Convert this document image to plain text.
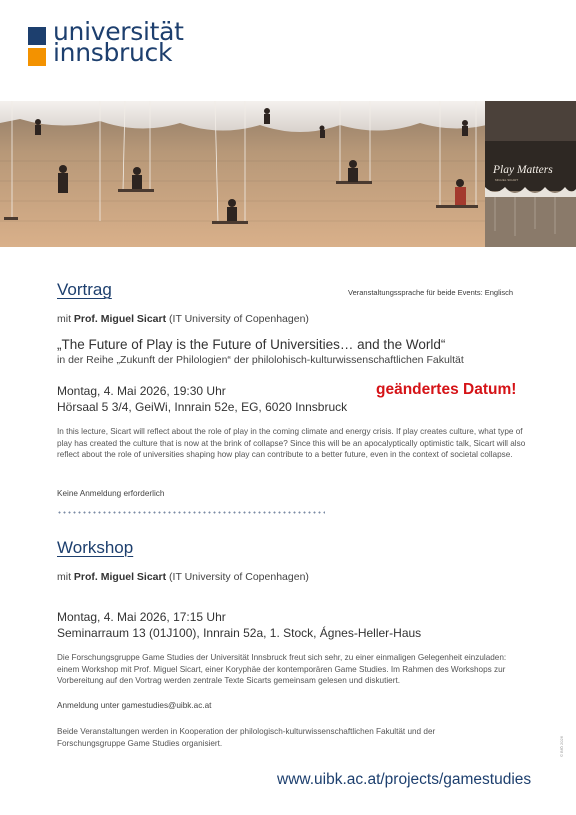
universität
innsbruck
Play Matters
MIGUEL SICART
Vortrag	Veranstaltungssprache für beide Events: Englisch
mit Prof. Miguel Sicart (IT University of Copenhagen)
„The Future of Play is the Future of Universities… and the World“
in der Reihe „Zukunft der Philologien“ der philolohisch-kulturwissenschaftlichen Fakultät
Montag, 4. Mai 2026, 19:30 Uhr
Hörsaal 5 3/4, GeiWi, Innrain 52e, EG, 6020 Innsbruck
geändertes Datum!
In this lecture, Sicart will reflect about the role of play in the coming climate and energy crisis. If play creates culture, what type of play has created the culture that is now at the brink of collapse? Since this will be an apocalyptically optimistic talk, Sicart will also reflect about the role of universities shaping how play can contribute to a better future, even in the context of societal collapse.
Keine Anmeldung erforderlich
Workshop
mit Prof. Miguel Sicart (IT University of Copenhagen)
Montag, 4. Mai 2026, 17:15 Uhr
Seminarraum 13 (01J100), Innrain 52a, 1. Stock, Ágnes-Heller-Haus
Die Forschungsgruppe Game Studies der Universität Innsbruck freut sich sehr, zu einer einmaligen Gelegenheit einzuladen: einem Workshop mit Prof. Miguel Sicart, einer Koryphäe der kontemporären Game Studies. Im Rahmen des Workshops zur Vorbereitung auf den Vortrag werden zentrale Texte Sicarts gemeinsam gelesen und diskutiert.
Anmeldung unter gamestudies@uibk.ac.at
Beide Veranstaltungen werden in Kooperation der philologisch-kulturwissenschaftlichen Fakultät und der Forschungsgruppe Game Studies organisiert.
www.uibk.ac.at/projects/gamestudies
© BfÖ 2026
